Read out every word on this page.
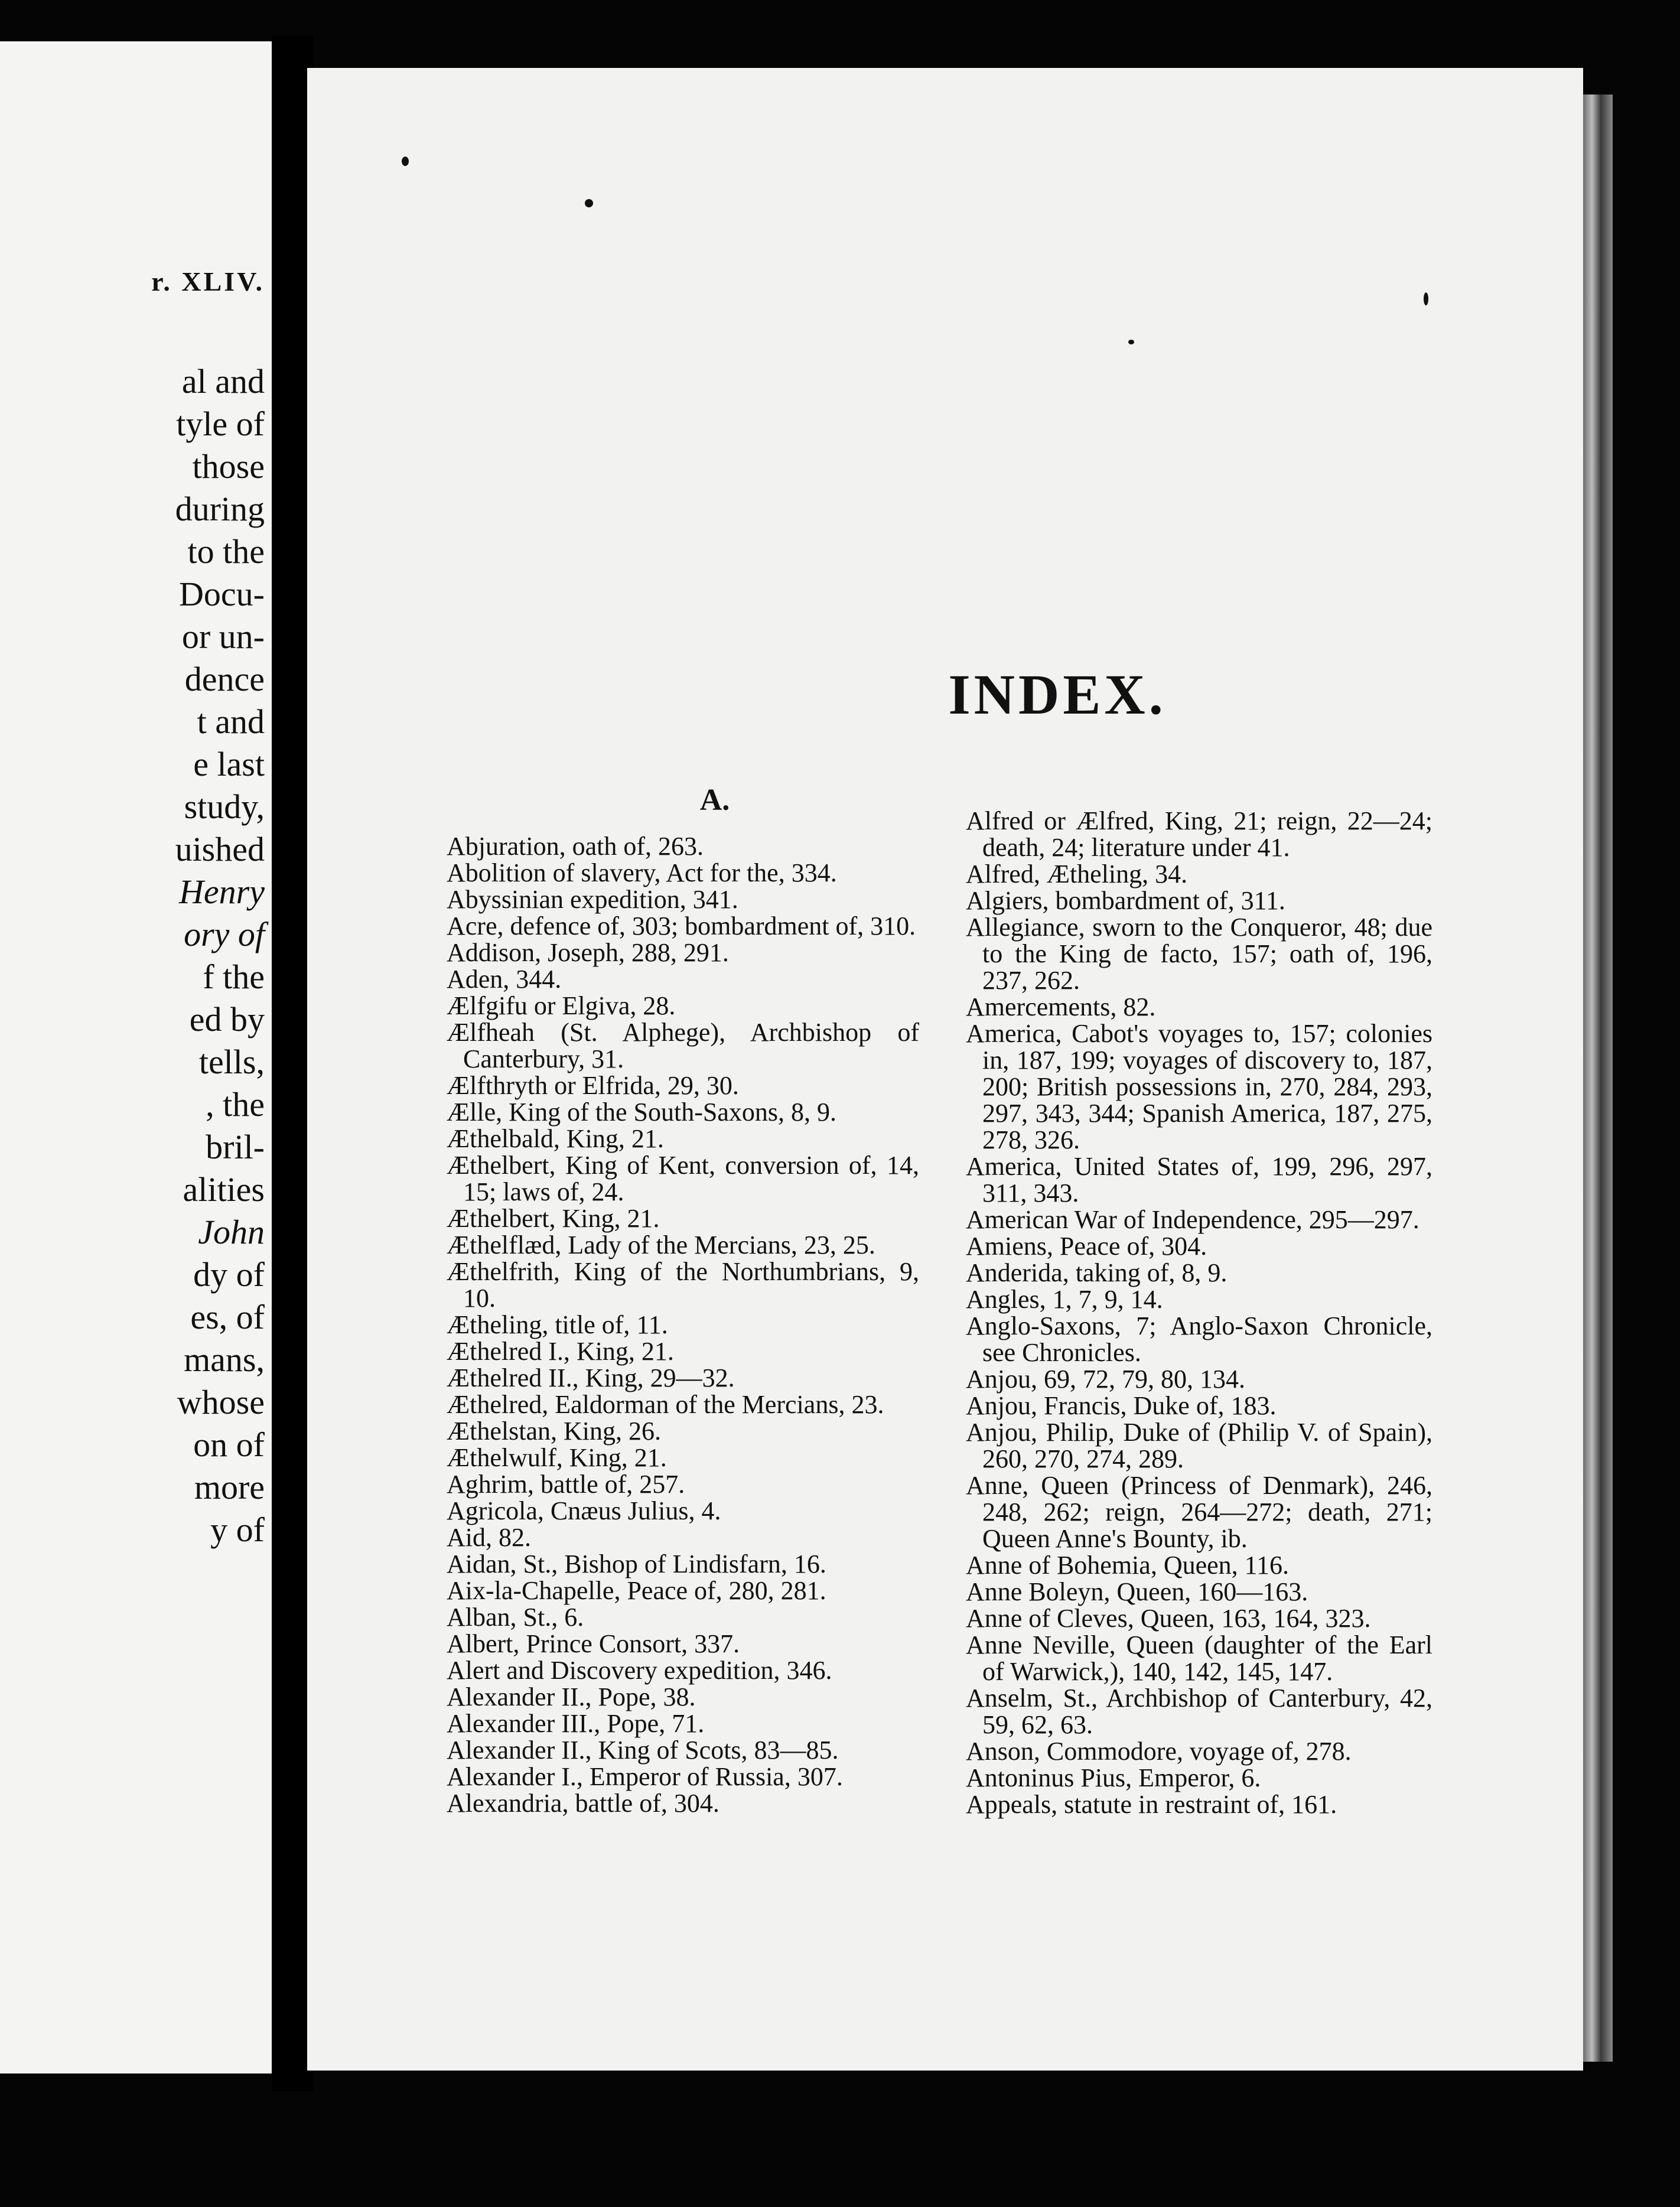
r. XLIV.
al and
tyle of
those
during
to the
Docu-
or un-
dence
t and
e last
study,
uished
Henry
ory of
f the
ed by
tells,
, the
bril-
alities
John
dy of
es, of
mans,
whose
on of
more
y of
INDEX.
A.

Abjuration, oath of, 263.

Abolition of slavery, Act for the, 334.

Abyssinian expedition, 341.

Acre, defence of, 303; bombardment of, 310.

Addison, Joseph, 288, 291.

Aden, 344.

Ælfgifu or Elgiva, 28.

Ælfheah (St. Alphege), Archbishop of Canterbury, 31.

Ælfthryth or Elfrida, 29, 30.

Ælle, King of the South-Saxons, 8, 9.

Æthelbald, King, 21.

Æthelbert, King of Kent, conversion of, 14, 15; laws of, 24.

Æthelbert, King, 21.

Æthelflæd, Lady of the Mercians, 23, 25.

Æthelfrith, King of the Northumbrians, 9, 10.

Ætheling, title of, 11.

Æthelred I., King, 21.

Æthelred II., King, 29—32.

Æthelred, Ealdorman of the Mercians, 23.

Æthelstan, King, 26.

Æthelwulf, King, 21.

Aghrim, battle of, 257.

Agricola, Cnæus Julius, 4.

Aid, 82.

Aidan, St., Bishop of Lindisfarn, 16.

Aix-la-Chapelle, Peace of, 280, 281.

Alban, St., 6.

Albert, Prince Consort, 337.

Alert and Discovery expedition, 346.

Alexander II., Pope, 38.

Alexander III., Pope, 71.

Alexander II., King of Scots, 83—85.

Alexander I., Emperor of Russia, 307.

Alexandria, battle of, 304.

Alfred or Ælfred, King, 21; reign, 22—24; death, 24; literature under 41.

Alfred, Ætheling, 34.

Algiers, bombardment of, 311.

Allegiance, sworn to the Conqueror, 48; due to the King de facto, 157; oath of, 196, 237, 262.

Amercements, 82.

America, Cabot's voyages to, 157; colonies in, 187, 199; voyages of discovery to, 187, 200; British possessions in, 270, 284, 293, 297, 343, 344; Spanish America, 187, 275, 278, 326.

America, United States of, 199, 296, 297, 311, 343.

American War of Independence, 295—297.

Amiens, Peace of, 304.

Anderida, taking of, 8, 9.

Angles, 1, 7, 9, 14.

Anglo-Saxons, 7; Anglo-Saxon Chronicle, see Chronicles.

Anjou, 69, 72, 79, 80, 134.

Anjou, Francis, Duke of, 183.

Anjou, Philip, Duke of (Philip V. of Spain), 260, 270, 274, 289.

Anne, Queen (Princess of Denmark), 246, 248, 262; reign, 264—272; death, 271; Queen Anne's Bounty, ib.

Anne of Bohemia, Queen, 116.

Anne Boleyn, Queen, 160—163.

Anne of Cleves, Queen, 163, 164, 323.

Anne Neville, Queen (daughter of the Earl of Warwick,), 140, 142, 145, 147.

Anselm, St., Archbishop of Canterbury, 42, 59, 62, 63.

Anson, Commodore, voyage of, 278.

Antoninus Pius, Emperor, 6.

Appeals, statute in restraint of, 161.
